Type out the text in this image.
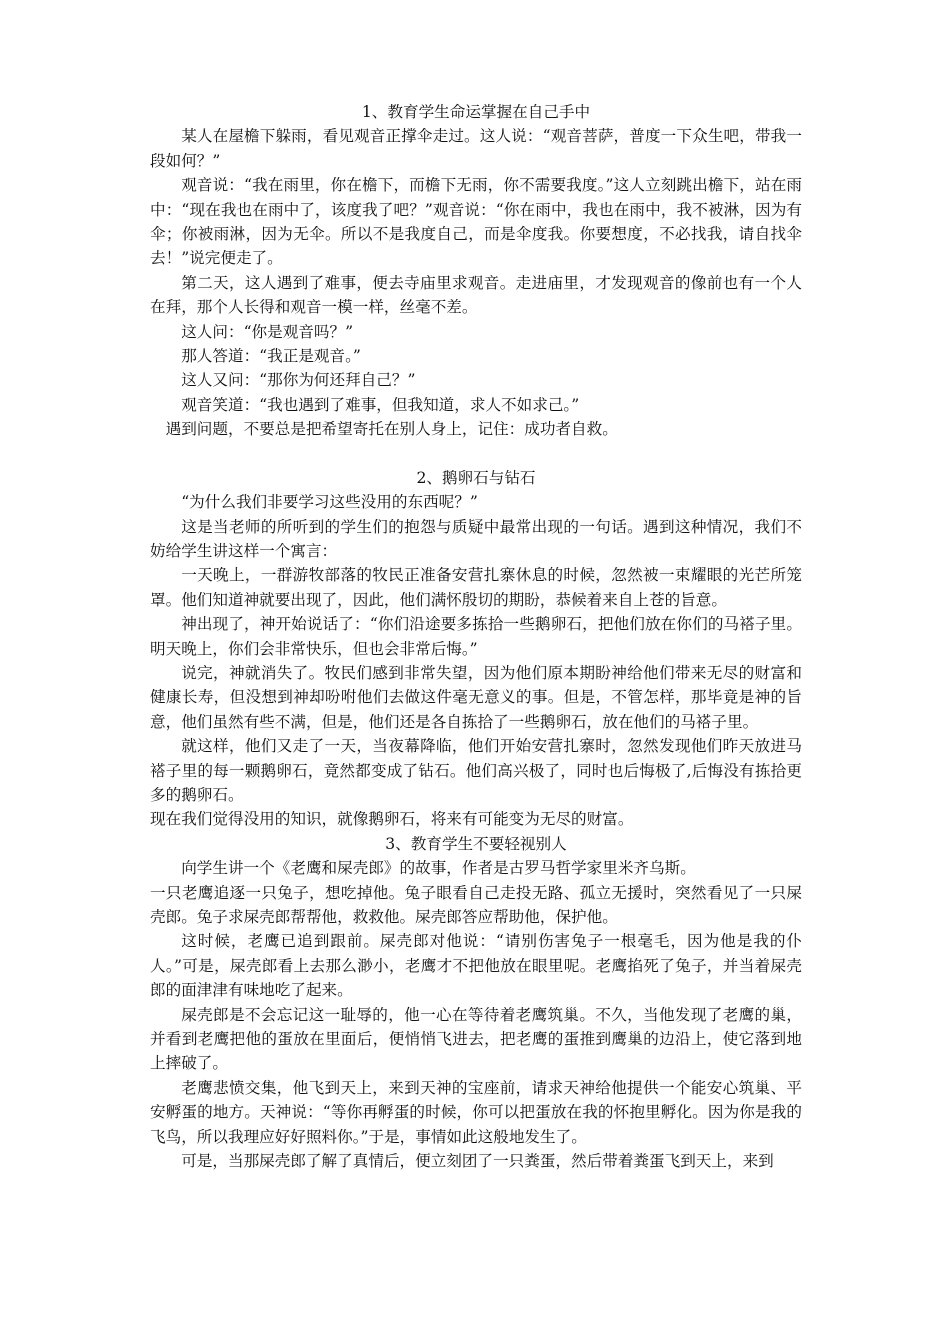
1、教育学生命运掌握在自己手中
某人在屋檐下躲雨，看见观音正撑伞走过。这人说：“观音菩萨，普度一下众生吧，带我一段如何？”
观音说：“我在雨里，你在檐下，而檐下无雨，你不需要我度。”这人立刻跳出檐下，站在雨中：“现在我也在雨中了，该度我了吧？”观音说：“你在雨中，我也在雨中，我不被淋，因为有伞；你被雨淋，因为无伞。所以不是我度自己，而是伞度我。你要想度，不必找我，请自找伞去！”说完便走了。
第二天，这人遇到了难事，便去寺庙里求观音。走进庙里，才发现观音的像前也有一个人在拜，那个人长得和观音一模一样，丝毫不差。
这人问：“你是观音吗？”
那人答道：“我正是观音。”
这人又问：“那你为何还拜自己？”
观音笑道：“我也遇到了难事，但我知道，求人不如求己。”
遇到问题，不要总是把希望寄托在别人身上，记住：成功者自救。
2、鹅卵石与钻石
“为什么我们非要学习这些没用的东西呢？”
这是当老师的所听到的学生们的抱怨与质疑中最常出现的一句话。遇到这种情况，我们不妨给学生讲这样一个寓言：
一天晚上，一群游牧部落的牧民正准备安营扎寨休息的时候，忽然被一束耀眼的光芒所笼罩。他们知道神就要出现了，因此，他们满怀殷切的期盼，恭候着来自上苍的旨意。
神出现了，神开始说话了：“你们沿途要多拣拾一些鹅卵石，把他们放在你们的马褡子里。明天晚上，你们会非常快乐，但也会非常后悔。”
说完，神就消失了。牧民们感到非常失望，因为他们原本期盼神给他们带来无尽的财富和健康长寿，但没想到神却吩咐他们去做这件毫无意义的事。但是，不管怎样，那毕竟是神的旨意，他们虽然有些不满，但是，他们还是各自拣拾了一些鹅卵石，放在他们的马褡子里。
就这样，他们又走了一天，当夜幕降临，他们开始安营扎寨时，忽然发现他们昨天放进马褡子里的每一颗鹅卵石，竟然都变成了钻石。他们高兴极了，同时也后悔极了,后悔没有拣拾更多的鹅卵石。
现在我们觉得没用的知识，就像鹅卵石，将来有可能变为无尽的财富。
3、教育学生不要轻视别人
向学生讲一个《老鹰和屎壳郎》的故事，作者是古罗马哲学家里米齐乌斯。
一只老鹰追逐一只兔子，想吃掉他。兔子眼看自己走投无路、孤立无援时，突然看见了一只屎壳郎。兔子求屎壳郎帮帮他，救救他。屎壳郎答应帮助他，保护他。
这时候，老鹰已追到跟前。屎壳郎对他说：“请别伤害兔子一根毫毛，因为他是我的仆人。”可是，屎壳郎看上去那么渺小，老鹰才不把他放在眼里呢。老鹰掐死了兔子，并当着屎壳郎的面津津有味地吃了起来。
屎壳郎是不会忘记这一耻辱的，他一心在等待着老鹰筑巢。不久，当他发现了老鹰的巢，并看到老鹰把他的蛋放在里面后，便悄悄飞进去，把老鹰的蛋推到鹰巢的边沿上，使它落到地上摔破了。
老鹰悲愤交集，他飞到天上，来到天神的宝座前，请求天神给他提供一个能安心筑巢、平安孵蛋的地方。天神说：“等你再孵蛋的时候，你可以把蛋放在我的怀抱里孵化。因为你是我的飞鸟，所以我理应好好照料你。”于是，事情如此这般地发生了。
可是，当那屎壳郎了解了真情后，便立刻团了一只粪蛋，然后带着粪蛋飞到天上，来到
